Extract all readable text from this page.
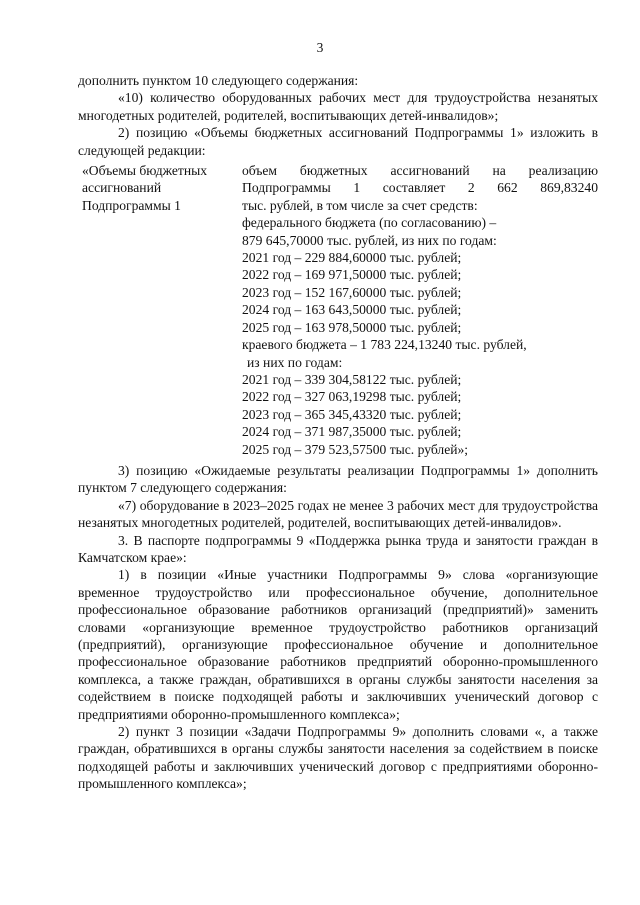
3

дополнить пунктом 10 следующего содержания:

«10) количество оборудованных рабочих мест для трудоустройства незанятых многодетных родителей, родителей, воспитывающих детей-инвалидов»;

2) позицию «Объемы бюджетных ассигнований Подпрограммы 1» изложить в следующей редакции:

«Объемы бюджетных
ассигнований
Подпрограммы 1
объем бюджетных ассигнований на реализацию
Подпрограммы 1 составляет 2 662 869,83240
тыс. рублей, в том числе за счет средств:
федерального бюджета (по согласованию) –
879 645,70000 тыс. рублей, из них по годам:
2021 год – 229 884,60000 тыс. рублей;
2022 год – 169 971,50000 тыс. рублей;
2023 год – 152 167,60000 тыс. рублей;
2024 год – 163 643,50000 тыс. рублей;
2025 год – 163 978,50000 тыс. рублей;
краевого бюджета – 1 783 224,13240 тыс. рублей,
из них по годам:
2021 год – 339 304,58122 тыс. рублей;
2022 год – 327 063,19298 тыс. рублей;
2023 год – 365 345,43320 тыс. рублей;
2024 год – 371 987,35000 тыс. рублей;
2025 год – 379 523,57500 тыс. рублей»;

3) позицию «Ожидаемые результаты реализации Подпрограммы 1» дополнить пунктом 7 следующего содержания:

«7) оборудование в 2023–2025 годах не менее 3 рабочих мест для трудоустройства незанятых многодетных родителей, родителей, воспитывающих детей-инвалидов».

3. В паспорте подпрограммы 9 «Поддержка рынка труда и занятости граждан в Камчатском крае»:

1) в позиции «Иные участники Подпрограммы 9» слова «организующие временное трудоустройство или профессиональное обучение, дополнительное профессиональное образование работников организаций (предприятий)» заменить словами «организующие временное трудоустройство работников организаций (предприятий), организующие профессиональное обучение и дополнительное профессиональное образование работников предприятий оборонно-промышленного комплекса, а также граждан, обратившихся в органы службы занятости населения за содействием в поиске подходящей работы и заключивших ученический договор с предприятиями оборонно-промышленного комплекса»;

2) пункт 3 позиции «Задачи Подпрограммы 9» дополнить словами «, а также граждан, обратившихся в органы службы занятости населения за содействием в поиске подходящей работы и заключивших ученический договор с предприятиями оборонно-промышленного комплекса»;
